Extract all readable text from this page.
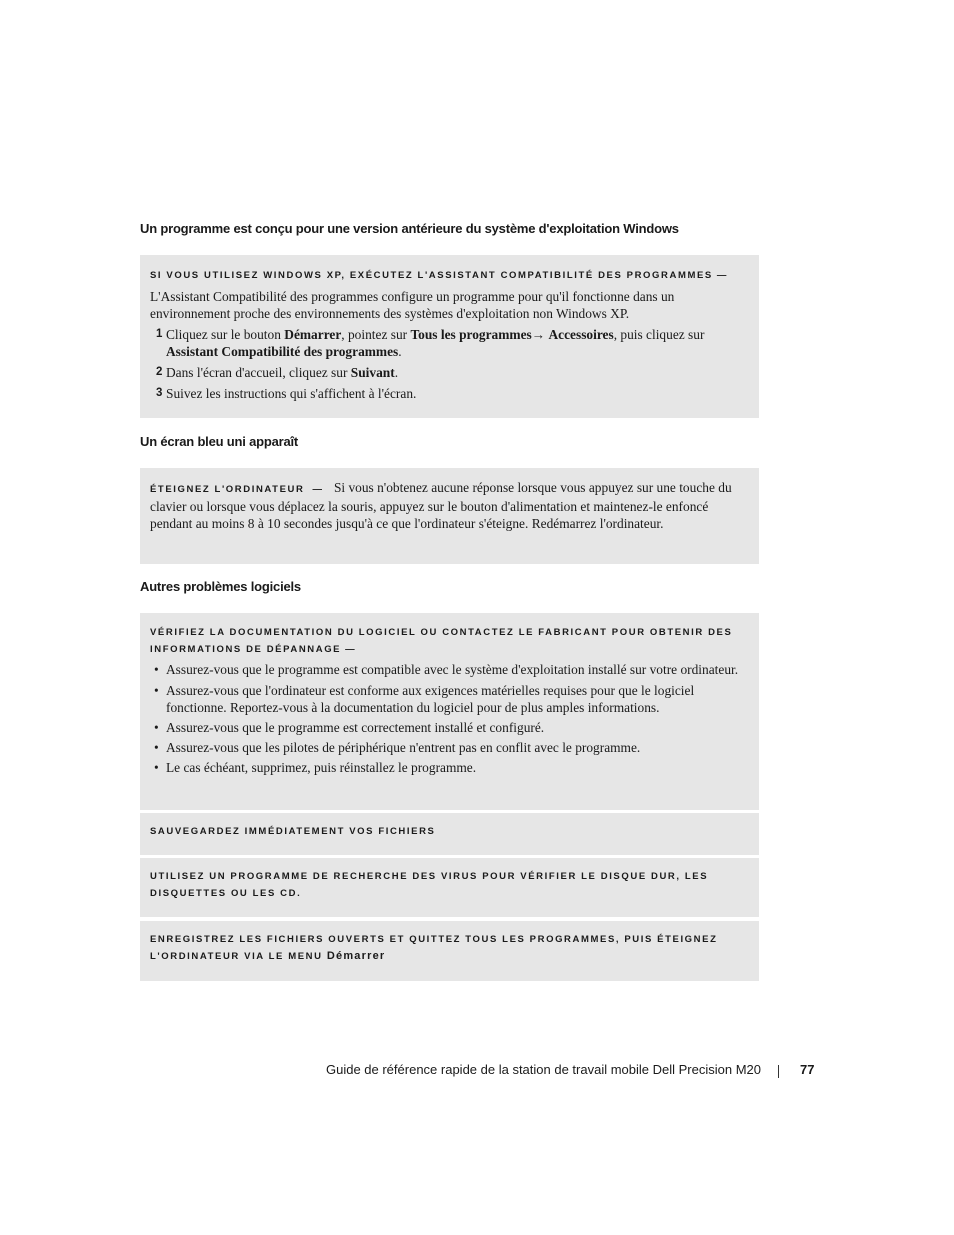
Un programme est conçu pour une version antérieure du système d'exploitation Windows
SI VOUS UTILISEZ WINDOWS XP, EXÉCUTEZ L'ASSISTANT COMPATIBILITÉ DES PROGRAMMES —
L'Assistant Compatibilité des programmes configure un programme pour qu'il fonctionne dans un environnement proche des environnements des systèmes d'exploitation non Windows XP.
1 Cliquez sur le bouton Démarrer, pointez sur Tous les programmes→ Accessoires, puis cliquez sur Assistant Compatibilité des programmes.
2 Dans l'écran d'accueil, cliquez sur Suivant.
3 Suivez les instructions qui s'affichent à l'écran.
Un écran bleu uni apparaît
ÉTEIGNEZ L'ORDINATEUR — Si vous n'obtenez aucune réponse lorsque vous appuyez sur une touche du clavier ou lorsque vous déplacez la souris, appuyez sur le bouton d'alimentation et maintenez-le enfoncé pendant au moins 8 à 10 secondes jusqu'à ce que l'ordinateur s'éteigne. Redémarrez l'ordinateur.
Autres problèmes logiciels
VÉRIFIEZ LA DOCUMENTATION DU LOGICIEL OU CONTACTEZ LE FABRICANT POUR OBTENIR DES INFORMATIONS DE DÉPANNAGE —
• Assurez-vous que le programme est compatible avec le système d'exploitation installé sur votre ordinateur.
• Assurez-vous que l'ordinateur est conforme aux exigences matérielles requises pour que le logiciel fonctionne. Reportez-vous à la documentation du logiciel pour de plus amples informations.
• Assurez-vous que le programme est correctement installé et configuré.
• Assurez-vous que les pilotes de périphérique n'entrent pas en conflit avec le programme.
• Le cas échéant, supprimez, puis réinstallez le programme.
SAUVEGARDEZ IMMÉDIATEMENT VOS FICHIERS
UTILISEZ UN PROGRAMME DE RECHERCHE DES VIRUS POUR VÉRIFIER LE DISQUE DUR, LES DISQUETTES OU LES CD.
ENREGISTREZ LES FICHIERS OUVERTS ET QUITTEZ TOUS LES PROGRAMMES, PUIS ÉTEIGNEZ L'ORDINATEUR VIA LE MENU Démarrer
Guide de référence rapide de la station de travail mobile Dell Precision M20	77
